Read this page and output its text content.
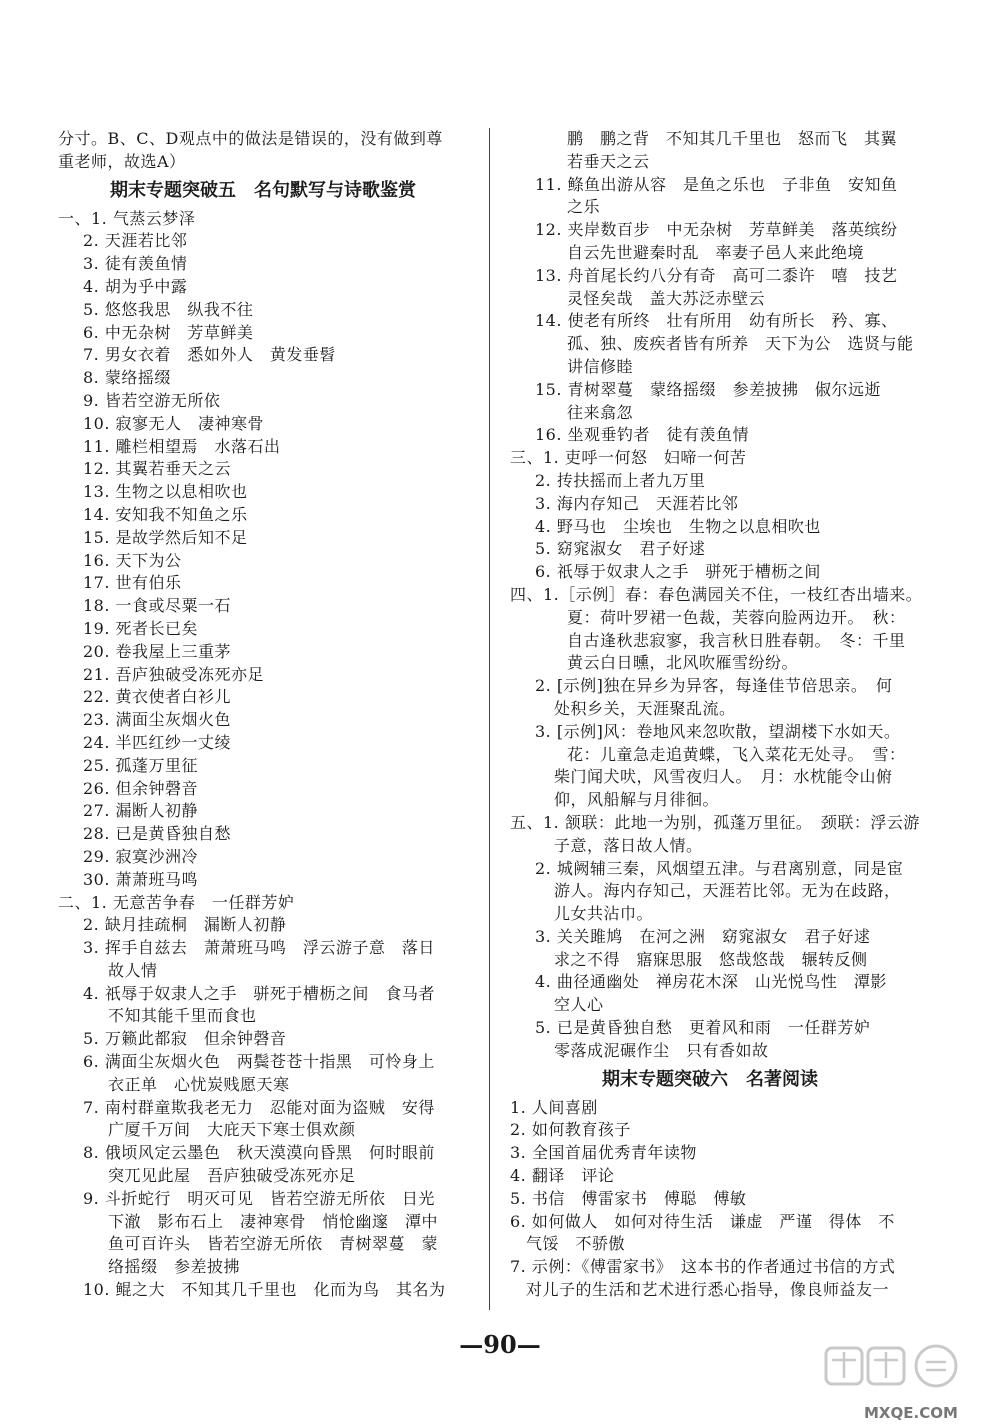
分寸。B、C、D观点中的做法是错误的，没有做到尊
重老师，故选A）
期末专题突破五　名句默写与诗歌鉴赏
一、1. 气蒸云梦泽
2. 天涯若比邻
3. 徒有羡鱼情
4. 胡为乎中露
5. 悠悠我思　纵我不往
6. 中无杂树　芳草鲜美
7. 男女衣着　悉如外人　黄发垂髫
8. 蒙络摇缀
9. 皆若空游无所依
10. 寂寥无人　凄神寒骨
11. 雕栏相望焉　水落石出
12. 其翼若垂天之云
13. 生物之以息相吹也
14. 安知我不知鱼之乐
15. 是故学然后知不足
16. 天下为公
17. 世有伯乐
18. 一食或尽粟一石
19. 死者长已矣
20. 卷我屋上三重茅
21. 吾庐独破受冻死亦足
22. 黄衣使者白衫儿
23. 满面尘灰烟火色
24. 半匹红纱一丈绫
25. 孤蓬万里征
26. 但余钟磬音
27. 漏断人初静
28. 已是黄昏独自愁
29. 寂寞沙洲冷
30. 萧萧班马鸣
二、1. 无意苦争春　一任群芳妒
2. 缺月挂疏桐　漏断人初静
3. 挥手自兹去　萧萧班马鸣　浮云游子意　落日
故人情
4. 祇辱于奴隶人之手　骈死于槽枥之间　食马者
不知其能千里而食也
5. 万籁此都寂　但余钟磬音
6. 满面尘灰烟火色　两鬓苍苍十指黑　可怜身上
衣正单　心忧炭贱愿天寒
7. 南村群童欺我老无力　忍能对面为盗贼　安得
广厦千万间　大庇天下寒士俱欢颜
8. 俄顷风定云墨色　秋天漠漠向昏黑　何时眼前
突兀见此屋　吾庐独破受冻死亦足
9. 斗折蛇行　明灭可见　皆若空游无所依　日光
下澈　影布石上　凄神寒骨　悄怆幽邃　潭中
鱼可百许头　皆若空游无所依　青树翠蔓　蒙
络摇缀　参差披拂
10. 鲲之大　不知其几千里也　化而为鸟　其名为
鹏　鹏之背　不知其几千里也　怒而飞　其翼
若垂天之云
11. 鲦鱼出游从容　是鱼之乐也　子非鱼　安知鱼
之乐
12. 夹岸数百步　中无杂树　芳草鲜美　落英缤纷
自云先世避秦时乱　率妻子邑人来此绝境
13. 舟首尾长约八分有奇　高可二黍许　嘻　技艺
灵怪矣哉　盖大苏泛赤壁云
14. 使老有所终　壮有所用　幼有所长　矜、寡、
孤、独、废疾者皆有所养　天下为公　选贤与能
讲信修睦
15. 青树翠蔓　蒙络摇缀　参差披拂　俶尔远逝
往来翕忽
16. 坐观垂钓者　徒有羡鱼情
三、1. 吏呼一何怒　妇啼一何苦
2. 抟扶摇而上者九万里
3. 海内存知己　天涯若比邻
4. 野马也　尘埃也　生物之以息相吹也
5. 窈窕淑女　君子好逑
6. 祇辱于奴隶人之手　骈死于槽枥之间
四、1.［示例］春：春色满园关不住，一枝红杏出墙来。
夏：荷叶罗裙一色裁，芙蓉向脸两边开。　秋：
自古逢秋悲寂寥，我言秋日胜春朝。　冬：千里
黄云白日曛，北风吹雁雪纷纷。
2. [示例]独在异乡为异客，每逢佳节倍思亲。　何
处积乡关，天涯聚乱流。
3. [示例]风：卷地风来忽吹散，望湖楼下水如天。
花：儿童急走追黄蝶，飞入菜花无处寻。　雪：
柴门闻犬吠，风雪夜归人。　月：水枕能令山俯
仰，风船解与月徘徊。
五、1. 颔联：此地一为别，孤蓬万里征。　颈联：浮云游
子意，落日故人情。
2. 城阙辅三秦，风烟望五津。与君离别意，同是宦
游人。海内存知己，天涯若比邻。无为在歧路，
儿女共沾巾。
3. 关关雎鸠　在河之洲　窈窕淑女　君子好逑
求之不得　寤寐思服　悠哉悠哉　辗转反侧
4. 曲径通幽处　禅房花木深　山光悦鸟性　潭影
空人心
5. 已是黄昏独自愁　更着风和雨　一任群芳妒
零落成泥碾作尘　只有香如故
期末专题突破六　名著阅读
1. 人间喜剧
2. 如何教育孩子
3. 全国首届优秀青年读物
4. 翻译　评论
5. 书信　傅雷家书　傅聪　傅敏
6. 如何做人　如何对待生活　谦虚　严谨　得体　不
气馁　不骄傲
7. 示例：《傅雷家书》　这本书的作者通过书信的方式
对儿子的生活和艺术进行悉心指导，像良师益友一
—90—
MXQE.COM
